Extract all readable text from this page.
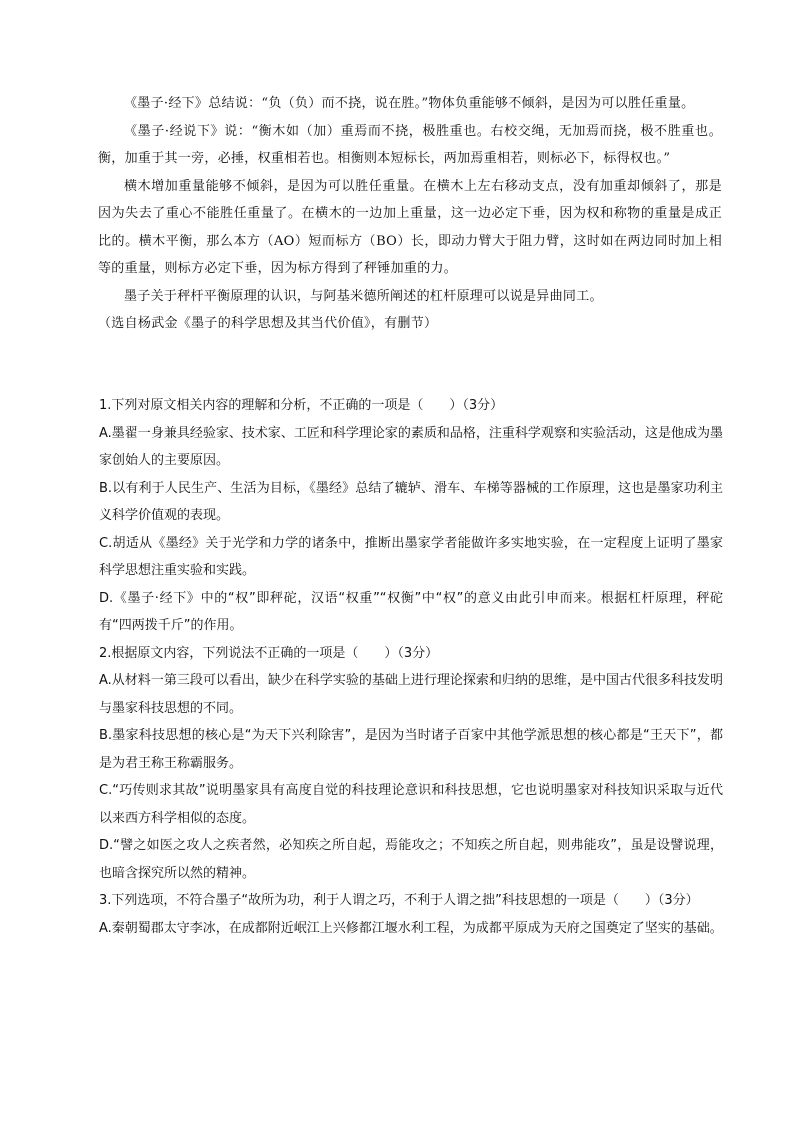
《墨子·经下》总结说：“负（负）而不挠，说在胜。”物体负重能够不倾斜，是因为可以胜任重量。

《墨子·经说下》说：“衡木如（加）重焉而不挠，极胜重也。右校交绳，无加焉而挠，极不胜重也。衡，加重于其一旁，必捶，权重相若也。相衡则本短标长，两加焉重相若，则标必下，标得权也。”

横木增加重量能够不倾斜，是因为可以胜任重量。在横木上左右移动支点，没有加重却倾斜了，那是因为失去了重心不能胜任重量了。在横木的一边加上重量，这一边必定下垂，因为权和称物的重量是成正比的。横木平衡，那么本方（AO）短而标方（BO）长，即动力臂大于阻力臂，这时如在两边同时加上相等的重量，则标方必定下垂，因为标方得到了秤锤加重的力。

墨子关于秤杆平衡原理的认识，与阿基米德所阐述的杠杆原理可以说是异曲同工。

（选自杨武金《墨子的科学思想及其当代价值》，有删节）

1.下列对原文相关内容的理解和分析，不正确的一项是（　　）（3分）

A.墨翟一身兼具经验家、技术家、工匠和科学理论家的素质和品格，注重科学观察和实验活动，这是他成为墨家创始人的主要原因。

B.以有利于人民生产、生活为目标，《墨经》总结了辘轳、滑车、车梯等器械的工作原理，这也是墨家功利主义科学价值观的表现。

C.胡适从《墨经》关于光学和力学的诸条中，推断出墨家学者能做许多实地实验，在一定程度上证明了墨家科学思想注重实验和实践。

D.《墨子·经下》中的“权”即秤砣，汉语“权重”“权衡”中“权”的意义由此引申而来。根据杠杆原理，秤砣有“四两拨千斤”的作用。

2.根据原文内容，下列说法不正确的一项是（　　）（3分）

A.从材料一第三段可以看出，缺少在科学实验的基础上进行理论探索和归纳的思维，是中国古代很多科技发明与墨家科技思想的不同。

B.墨家科技思想的核心是“为天下兴利除害”，是因为当时诸子百家中其他学派思想的核心都是“王天下”，都是为君王称王称霸服务。

C.“巧传则求其故”说明墨家具有高度自觉的科技理论意识和科技思想，它也说明墨家对科技知识采取与近代以来西方科学相似的态度。

D.“譬之如医之攻人之疾者然，必知疾之所自起，焉能攻之；不知疾之所自起，则弗能攻”，虽是设譬说理，也暗含探究所以然的精神。

3.下列选项，不符合墨子“故所为功，利于人谓之巧，不利于人谓之拙”科技思想的一项是（　　）（3分）

A.秦朝蜀郡太守李冰，在成都附近岷江上兴修都江堰水利工程，为成都平原成为天府之国奠定了坚实的基础。
